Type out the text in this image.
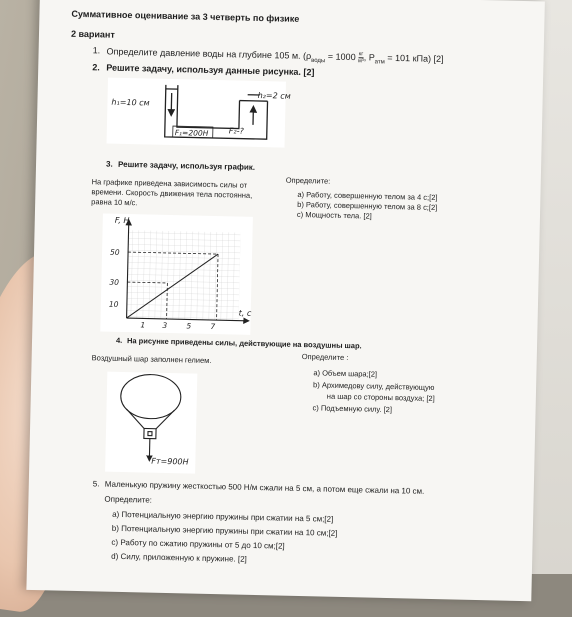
Суммативное оценивание за 3 четверть по физике
2 вариант
1. Определите давление воды на глубине 105 м. ($\rho_{воды} = 1000$ кг
м³ , $P_{атм} = 101$ кПа) [2]
2. Решите задачу, используя данные рисунка. [2]
h₁=10 см
h₂=2 см
F₁=200Н	F₂-?
3. Решите задачу, используя график.
На графике приведена зависимость силы от
времени. Скорость движения тела постоянна,
равна 10 м/с.
Определите:
a) Работу, совершенную телом за 4 с;[2]
b) Работу, совершенную телом за 8 с;[2]
c) Мощность тела. [2]
F, Н
t, с
50
30
10
1 3	5	7
4. На рисунке приведены силы, действующие на воздушны шар.
Воздушный шар заполнен гелием.	Определите :
a) Объем шара;[2]
b) Архимедову силу, действующую
на шар со стороны воздуха; [2]
c) Подъемную силу. [2]
Fт=900Н
5. Маленькую пружину жесткостью 500 Н/м сжали на 5 см, а потом еще сжали на 10 см.
Определите:
a) Потенциальную энергию пружины при сжатии на 5 см;[2]
b) Потенциальную энергию пружины при сжатии на 10 см;[2]
c) Работу по сжатию пружины от 5 до 10 см;[2]
d) Силу, приложенную к пружине. [2]
